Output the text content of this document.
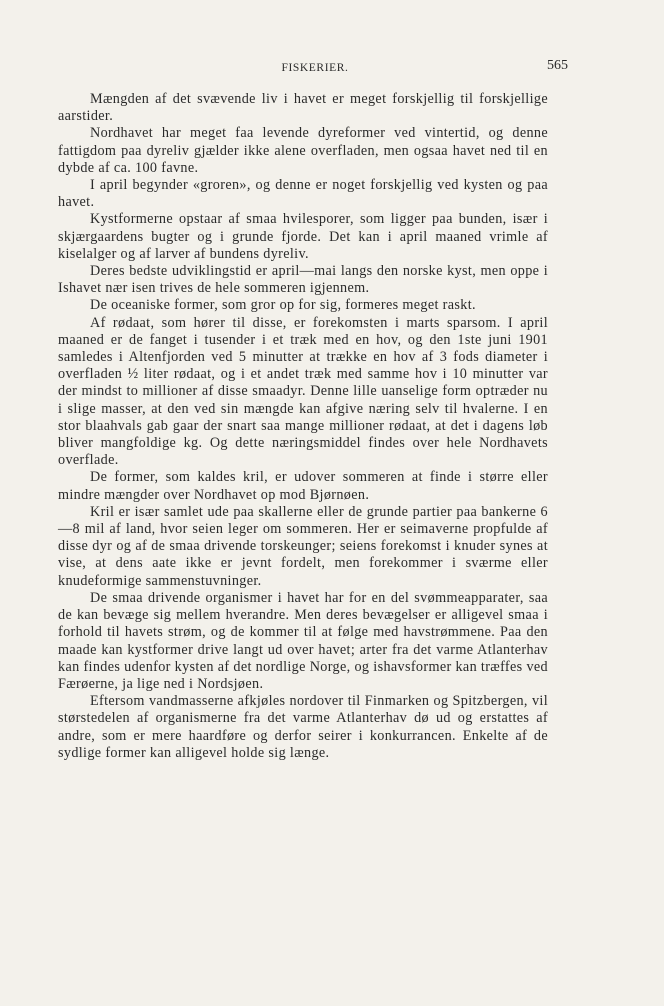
FISKERIER.	565

Mængden af det svævende liv i havet er meget forskjellig til forskjellige aarstider.

Nordhavet har meget faa levende dyreformer ved vintertid, og denne fattigdom paa dyreliv gjælder ikke alene overfladen, men ogsaa havet ned til en dybde af ca. 100 favne.

I april begynder «groren», og denne er noget forskjellig ved kysten og paa havet.

Kystformerne opstaar af smaa hvilesporer, som ligger paa bunden, især i skjærgaardens bugter og i grunde fjorde. Det kan i april maaned vrimle af kiselalger og af larver af bundens dyreliv.

Deres bedste udviklingstid er april—mai langs den norske kyst, men oppe i Ishavet nær isen trives de hele sommeren igjennem.

De oceaniske former, som gror op for sig, formeres meget raskt.

Af rødaat, som hører til disse, er forekomsten i marts sparsom. I april maaned er de fanget i tusender i et træk med en hov, og den 1ste juni 1901 samledes i Altenfjorden ved 5 minutter at trække en hov af 3 fods diameter i overfladen ½ liter rødaat, og i et andet træk med samme hov i 10 minutter var der mindst to millioner af disse smaadyr. Denne lille uanselige form optræder nu i slige masser, at den ved sin mængde kan afgive næring selv til hvalerne. I en stor blaahvals gab gaar der snart saa mange millioner rødaat, at det i dagens løb bliver mangfoldige kg. Og dette næringsmiddel findes over hele Nordhavets overflade.

De former, som kaldes kril, er udover sommeren at finde i større eller mindre mængder over Nordhavet op mod Bjørnøen.

Kril er især samlet ude paa skallerne eller de grunde partier paa bankerne 6—8 mil af land, hvor seien leger om sommeren. Her er seimaverne propfulde af disse dyr og af de smaa drivende torskeunger; seiens forekomst i knuder synes at vise, at dens aate ikke er jevnt fordelt, men forekommer i sværme eller knudeformige sammenstuvninger.

De smaa drivende organismer i havet har for en del svømmeapparater, saa de kan bevæge sig mellem hverandre. Men deres bevægelser er alligevel smaa i forhold til havets strøm, og de kommer til at følge med havstrømmene. Paa den maade kan kystformer drive langt ud over havet; arter fra det varme Atlanterhav kan findes udenfor kysten af det nordlige Norge, og ishavsformer kan træffes ved Færøerne, ja lige ned i Nordsjøen.

Eftersom vandmasserne afkjøles nordover til Finmarken og Spitzbergen, vil størstedelen af organismerne fra det varme Atlanterhav dø ud og erstattes af andre, som er mere haardføre og derfor seirer i konkurrancen. Enkelte af de sydlige former kan alligevel holde sig længe.
